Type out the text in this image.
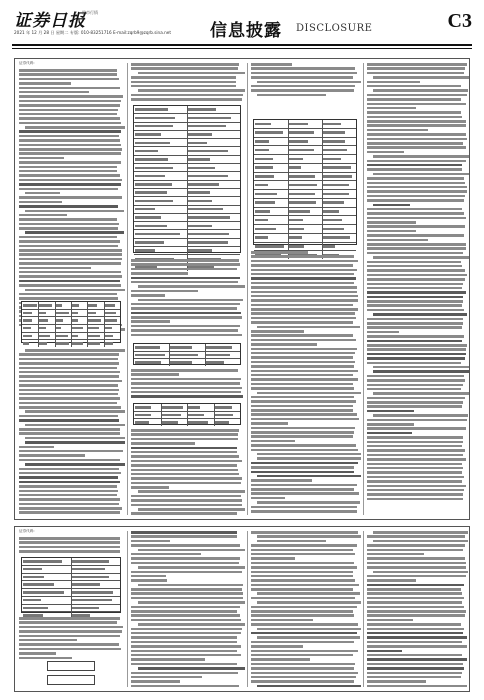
证券日报
股市行情
2021 年 12 月 28 日 星期二 专版: 010-83251716 E-mail:zqrb9@zqrb.sina.net 信息披露 DISCLOSURE	C3
证券代码:
证券代码:
